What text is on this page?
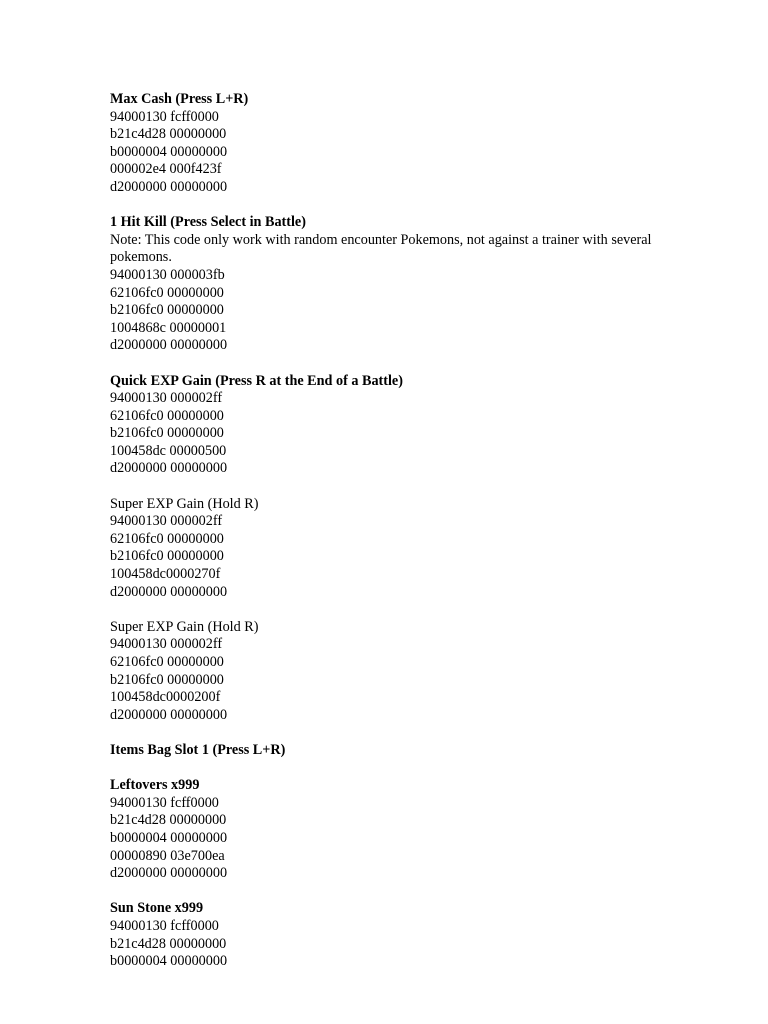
Max Cash (Press L+R)
94000130 fcff0000
b21c4d28 00000000
b0000004 00000000
000002e4 000f423f
d2000000 00000000
1 Hit Kill (Press Select in Battle)
Note: This code only work with random encounter Pokemons, not against a trainer with several pokemons.
94000130 000003fb
62106fc0 00000000
b2106fc0 00000000
1004868c 00000001
d2000000 00000000
Quick EXP Gain (Press R at the End of a Battle)
94000130 000002ff
62106fc0 00000000
b2106fc0 00000000
100458dc 00000500
d2000000 00000000
Super EXP Gain (Hold R)
94000130 000002ff
62106fc0 00000000
b2106fc0 00000000
100458dc0000270f
d2000000 00000000
Super EXP Gain (Hold R)
94000130 000002ff
62106fc0 00000000
b2106fc0 00000000
100458dc0000200f
d2000000 00000000
Items Bag Slot 1 (Press L+R)
Leftovers x999
94000130 fcff0000
b21c4d28 00000000
b0000004 00000000
00000890 03e700ea
d2000000 00000000
Sun Stone x999
94000130 fcff0000
b21c4d28 00000000
b0000004 00000000
